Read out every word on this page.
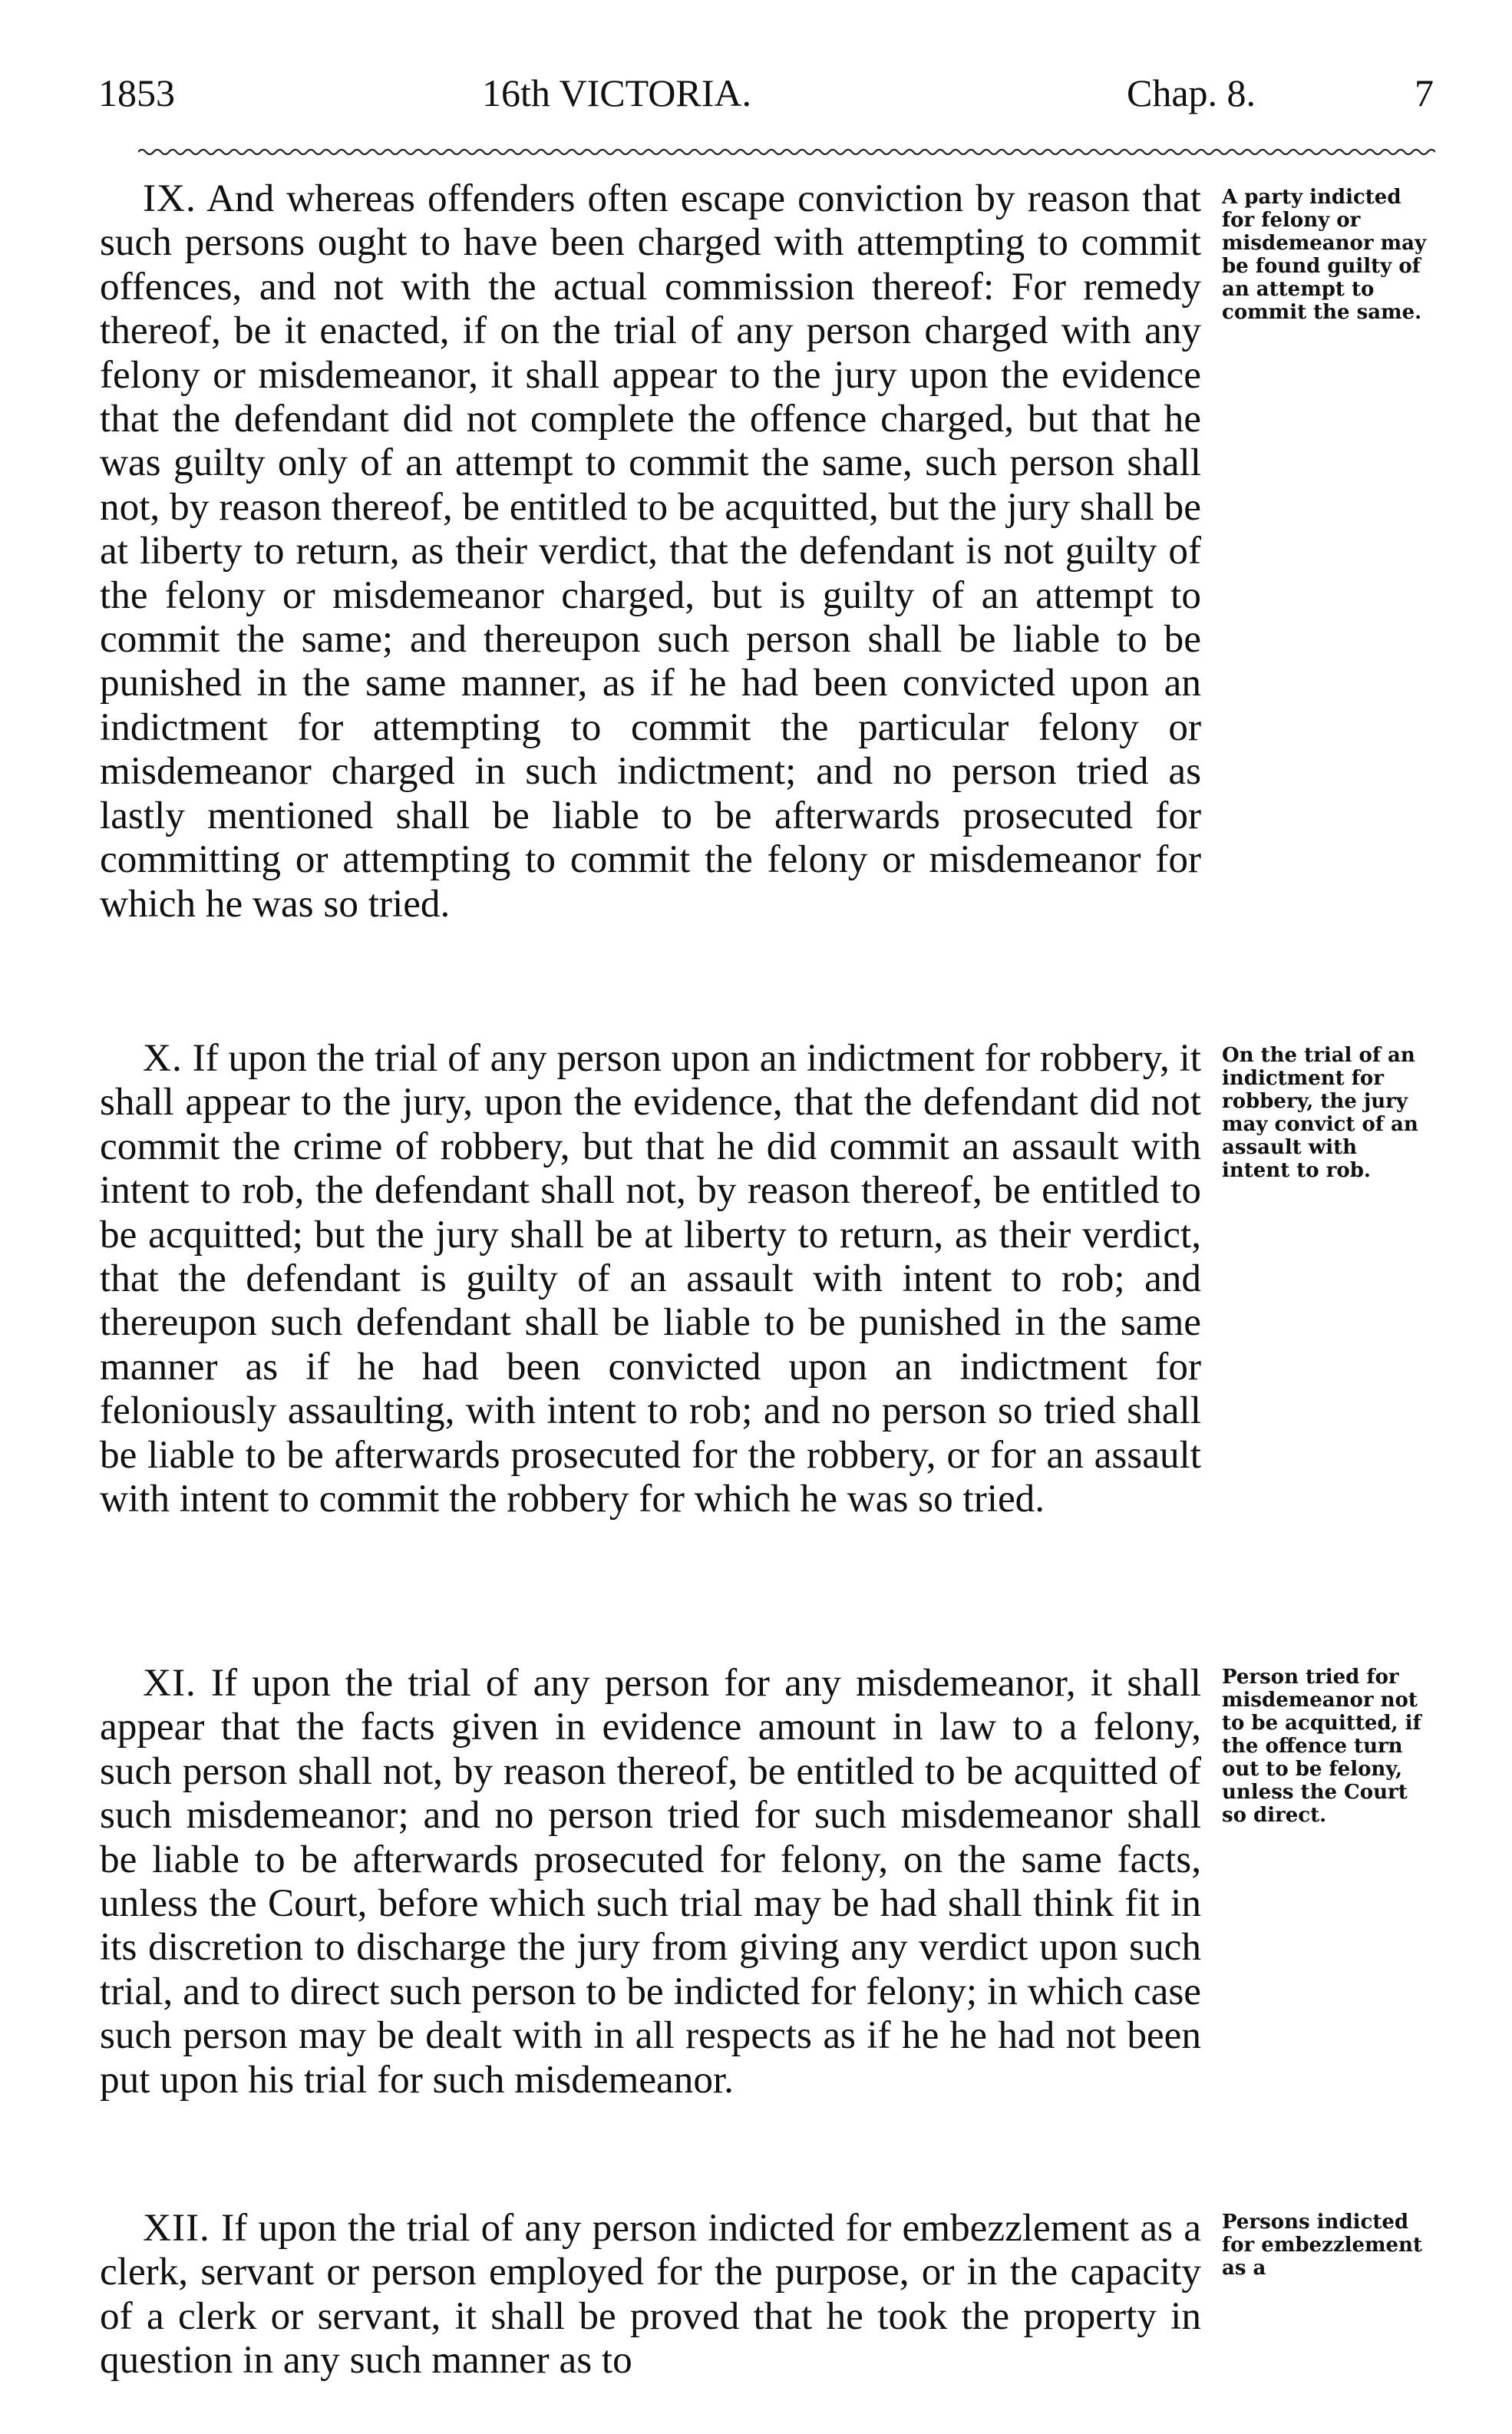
1853	16th VICTORIA.	Chap. 8.	7

IX. And whereas offenders often escape conviction by reason that such persons ought to have been charged with attempting to commit offences, and not with the actual commission thereof: For remedy thereof, be it enacted, if on the trial of any person charged with any felony or misdemeanor, it shall appear to the jury upon the evidence that the defendant did not complete the offence charged, but that he was guilty only of an attempt to commit the same, such person shall not, by reason thereof, be entitled to be acquitted, but the jury shall be at liberty to return, as their verdict, that the defendant is not guilty of the felony or misdemeanor charged, but is guilty of an attempt to commit the same; and thereupon such person shall be liable to be punished in the same manner, as if he had been convicted upon an indictment for attempting to commit the particular felony or misdemeanor charged in such indictment; and no person tried as lastly mentioned shall be liable to be afterwards prosecuted for committing or attempting to commit the felony or misdemeanor for which he was so tried.

X. If upon the trial of any person upon an indictment for robbery, it shall appear to the jury, upon the evidence, that the defendant did not commit the crime of robbery, but that he did commit an assault with intent to rob, the defendant shall not, by reason thereof, be entitled to be acquitted; but the jury shall be at liberty to return, as their verdict, that the defendant is guilty of an assault with intent to rob; and thereupon such defendant shall be liable to be punished in the same manner as if he had been convicted upon an indictment for feloniously assaulting, with intent to rob; and no person so tried shall be liable to be afterwards prosecuted for the robbery, or for an assault with intent to commit the robbery for which he was so tried.

XI. If upon the trial of any person for any misdemeanor, it shall appear that the facts given in evidence amount in law to a felony, such person shall not, by reason thereof, be entitled to be acquitted of such misdemeanor; and no person tried for such misdemeanor shall be liable to be afterwards prosecuted for felony, on the same facts, unless the Court, before which such trial may be had shall think fit in its discretion to discharge the jury from giving any verdict upon such trial, and to direct such person to be indicted for felony; in which case such person may be dealt with in all respects as if he he had not been put upon his trial for such misdemeanor.

XII. If upon the trial of any person indicted for embezzlement as a clerk, servant or person employed for the purpose, or in the capacity of a clerk or servant, it shall be proved that he took the property in question in any such manner as to

A party indicted for felony or misdemeanor may be found guilty of an attempt to commit the same.
On the trial of an indictment for robbery, the jury may convict of an assault with intent to rob.
Person tried for misdemeanor not to be acquitted, if the offence turn out to be felony, unless the Court so direct.
Persons indicted for embezzlement as a
